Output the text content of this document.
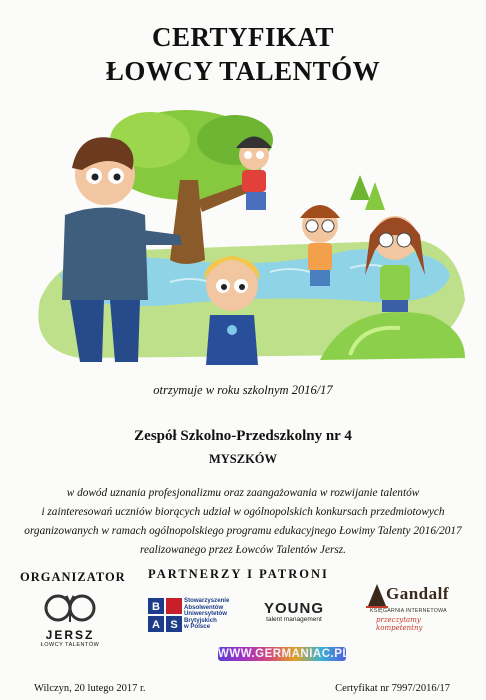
CERTYFIKAT
ŁOWCY TALENTÓW
otrzymuje w roku szkolnym 2016/17
Zespół Szkolno-Przedszkolny nr 4
MYSZKÓW
w dowód uznania profesjonalizmu oraz zaangażowania w rozwijanie talentów
i zainteresowań uczniów biorących udział w ogólnopolskich konkursach przedmiotowych
organizowanych w ramach ogólnopolskiego programu edukacyjnego Łowimy Talenty 2016/2017
realizowanego przez Łowców Talentów Jersz.
ORGANIZATOR PARTNERZY I PATRONI
JERSZ
ŁOWCY TALENTÓW
B
S
A
Stowarzyszenie
Absolwentów
Uniwersytetów
Brytyjskich
w Polsce
YOUNG
talent management
Gandalf
KSIĘGARNIA INTERNETOWA
przeczytamy kompetentny
WWW.GERMANIAC.PL
Wilczyn, 20 lutego 2017 r.	Certyfikat nr 7997/2016/17
